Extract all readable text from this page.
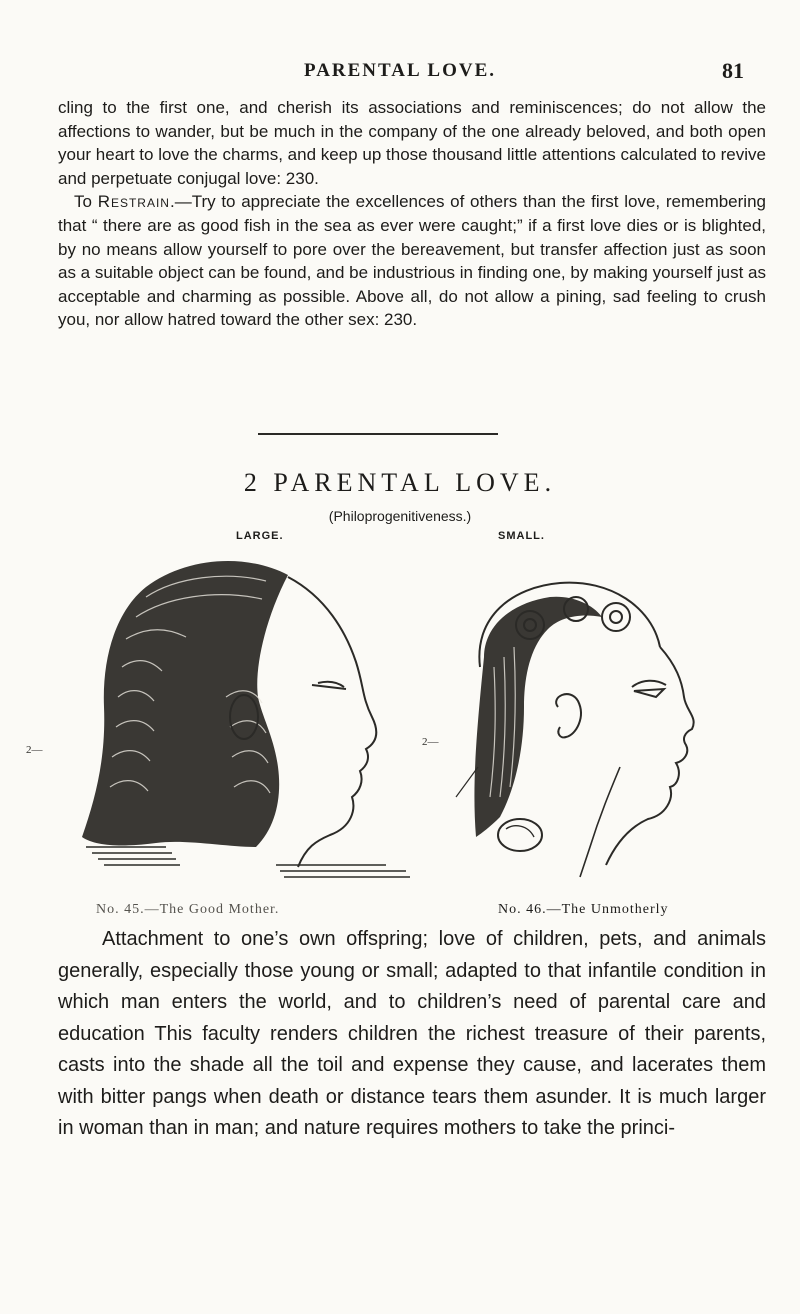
PARENTAL LOVE.	81

cling to the first one, and cherish its associations and reminiscences; do not allow the affections to wander, but be much in the company of the one already beloved, and both open your heart to love the charms, and keep up those thousand little attentions calculated to revive and perpetuate conjugal love: 230.

To Restrain.—Try to appreciate the excellences of others than the first love, remembering that “ there are as good fish in the sea as ever were caught;” if a first love dies or is blighted, by no means allow yourself to pore over the bereavement, but transfer affection just as soon as a suitable object can be found, and be industrious in finding one, by making yourself just as acceptable and charming as possible. Above all, do not allow a pining, sad feeling to crush you, nor allow hatred toward the other sex: 230.

2 PARENTAL LOVE.
(Philoprogenitiveness.)
LARGE.	SMALL.
2—
2—
No. 45.—The Good Mother.	No. 46.—The Unmotherly

Attachment to one’s own offspring; love of children, pets, and animals generally, especially those young or small; adapted to that infantile condition in which man enters the world, and to children’s need of parental care and education This faculty renders children the richest treasure of their parents, casts into the shade all the toil and expense they cause, and lacerates them with bitter pangs when death or distance tears them asunder. It is much larger in woman than in man; and nature requires mothers to take the princi-
